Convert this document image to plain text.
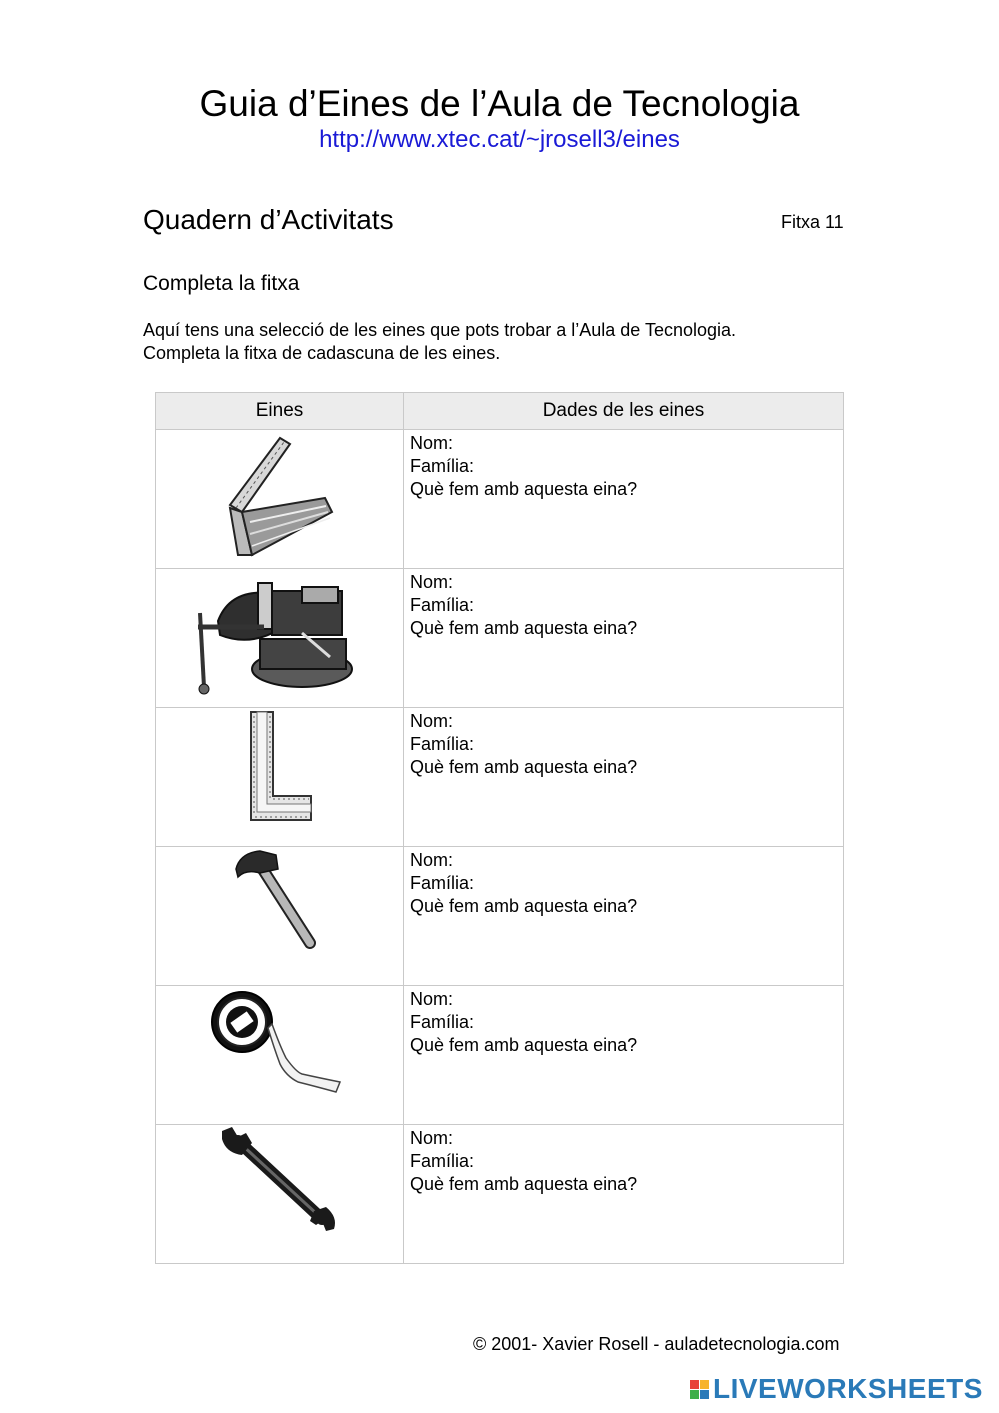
Guia d’Eines de l’Aula de Tecnologia
http://www.xtec.cat/~jrosell3/eines
Quadern d’Activitats	Fitxa 11
Completa la fitxa
Aquí tens una selecció de les eines que pots trobar a l’Aula de Tecnologia.
Completa la fitxa de cadascuna de les eines.
Eines	Dades de les eines

Nom:
Família:
Què fem amb aquesta eina?

Nom:
Família:
Què fem amb aquesta eina?

Nom:
Família:
Què fem amb aquesta eina?

Nom:
Família:
Què fem amb aquesta eina?

Nom:
Família:
Què fem amb aquesta eina?

Nom:
Família:
Què fem amb aquesta eina?
© 2001- Xavier Rosell - auladetecnologia.com
LIVEWORKSHEETS
